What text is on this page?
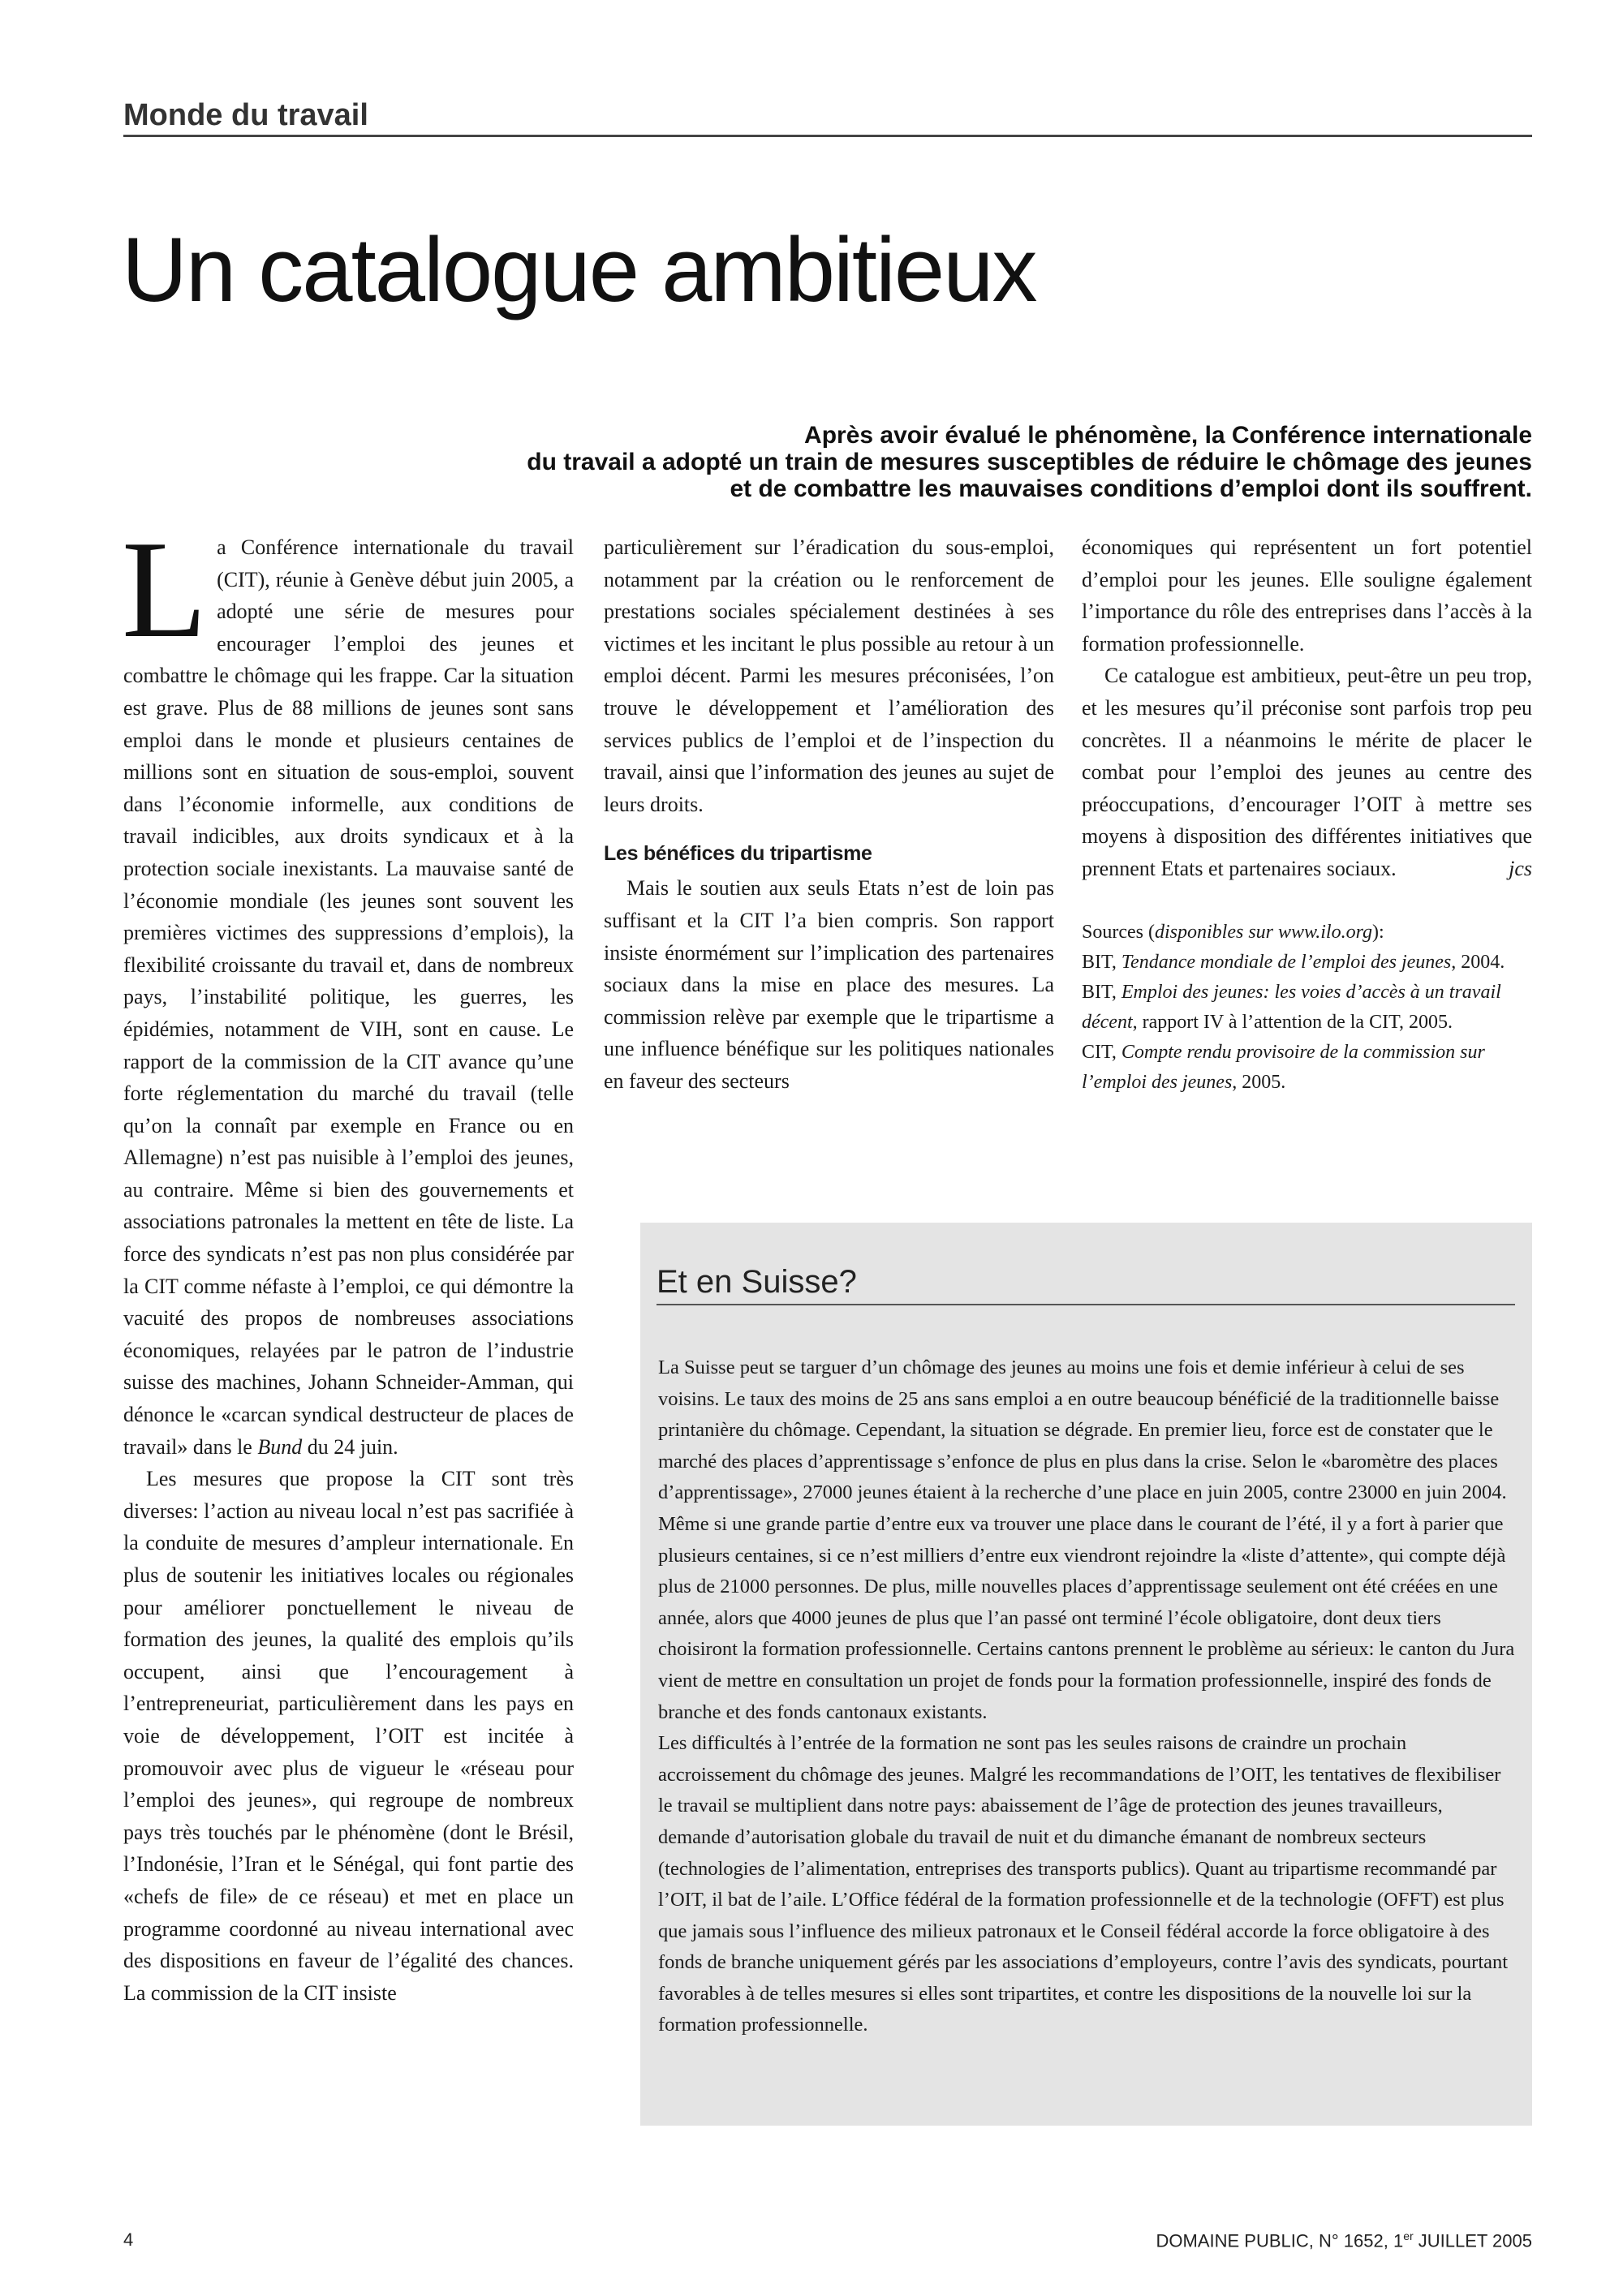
Monde du travail
Un catalogue ambitieux
Après avoir évalué le phénomène, la Conférence internationale
du travail a adopté un train de mesures susceptibles de réduire le chômage des jeunes
et de combattre les mauvaises conditions d’emploi dont ils souffrent.

La Conférence internationale du travail (CIT), réunie à Genève début juin 2005, a adopté une série de mesures pour encourager l’emploi des jeunes et combattre le chômage qui les frappe. Car la situation est grave. Plus de 88 millions de jeunes sont sans emploi dans le monde et plusieurs centaines de millions sont en situation de sous-emploi, souvent dans l’économie informelle, aux conditions de travail indicibles, aux droits syndicaux et à la protection sociale inexistants. La mauvaise santé de l’économie mondiale (les jeunes sont souvent les premières victimes des suppressions d’emplois), la flexibilité croissante du travail et, dans de nombreux pays, l’instabilité politique, les guerres, les épidémies, notamment de VIH, sont en cause. Le rapport de la commission de la CIT avance qu’une forte réglementation du marché du travail (telle qu’on la connaît par exemple en France ou en Allemagne) n’est pas nuisible à l’emploi des jeunes, au contraire. Même si bien des gouvernements et associations patronales la mettent en tête de liste. La force des syndicats n’est pas non plus considérée par la CIT comme néfaste à l’emploi, ce qui démontre la vacuité des propos de nombreuses associations économiques, relayées par le patron de l’industrie suisse des machines, Johann Schneider-Amman, qui dénonce le «carcan syndical destructeur de places de travail» dans le Bund du 24 juin.

Les mesures que propose la CIT sont très diverses: l’action au niveau local n’est pas sacrifiée à la conduite de mesures d’ampleur internationale. En plus de soutenir les initiatives locales ou régionales pour améliorer ponctuellement le niveau de formation des jeunes, la qualité des emplois qu’ils occupent, ainsi que l’encouragement à l’entrepreneuriat, particulièrement dans les pays en voie de développement, l’OIT est incitée à promouvoir avec plus de vigueur le «réseau pour l’emploi des jeunes», qui regroupe de nombreux pays très touchés par le phénomène (dont le Brésil, l’Indonésie, l’Iran et le Sénégal, qui font partie des «chefs de file» de ce réseau) et met en place un programme coordonné au niveau international avec des dispositions en faveur de l’égalité des chances. La commission de la CIT insiste

particulièrement sur l’éradication du sous-emploi, notamment par la création ou le renforcement de prestations sociales spécialement destinées à ses victimes et les incitant le plus possible au retour à un emploi décent. Parmi les mesures préconisées, l’on trouve le développement et l’amélioration des services publics de l’emploi et de l’inspection du travail, ainsi que l’information des jeunes au sujet de leurs droits.

Les bénéfices du tripartisme

Mais le soutien aux seuls Etats n’est de loin pas suffisant et la CIT l’a bien compris. Son rapport insiste énormément sur l’implication des partenaires sociaux dans la mise en place des mesures. La commission relève par exemple que le tripartisme a une influence bénéfique sur les politiques nationales en faveur des secteurs

économiques qui représentent un fort potentiel d’emploi pour les jeunes. Elle souligne également l’importance du rôle des entreprises dans l’accès à la formation professionnelle.

Ce catalogue est ambitieux, peut-être un peu trop, et les mesures qu’il préconise sont parfois trop peu concrètes. Il a néanmoins le mérite de placer le combat pour l’emploi des jeunes au centre des préoccupations, d’encourager l’OIT à mettre ses moyens à disposition des différentes initiatives que prennent Etats et partenaires sociaux.	jcs

Sources (disponibles sur www.ilo.org):
BIT, Tendance mondiale de l’emploi des jeunes, 2004.
BIT, Emploi des jeunes: les voies d’accès à un travail décent, rapport IV à l’attention de la CIT, 2005.
CIT, Compte rendu provisoire de la commission sur l’emploi des jeunes, 2005.
Et en Suisse?

La Suisse peut se targuer d’un chômage des jeunes au moins une fois et demie inférieur à celui de ses voisins. Le taux des moins de 25 ans sans emploi a en outre beaucoup bénéficié de la traditionnelle baisse printanière du chômage. Cependant, la situation se dégrade. En premier lieu, force est de constater que le marché des places d’apprentissage s’enfonce de plus en plus dans la crise. Selon le «baromètre des places d’apprentissage», 27000 jeunes étaient à la recherche d’une place en juin 2005, contre 23000 en juin 2004. Même si une grande partie d’entre eux va trouver une place dans le courant de l’été, il y a fort à parier que plusieurs centaines, si ce n’est milliers d’entre eux viendront rejoindre la «liste d’attente», qui compte déjà plus de 21000 personnes. De plus, mille nouvelles places d’apprentissage seulement ont été créées en une année, alors que 4000 jeunes de plus que l’an passé ont terminé l’école obligatoire, dont deux tiers choisiront la formation professionnelle. Certains cantons prennent le problème au sérieux: le canton du Jura vient de mettre en consultation un projet de fonds pour la formation professionnelle, inspiré des fonds de branche et des fonds cantonaux existants.

Les difficultés à l’entrée de la formation ne sont pas les seules raisons de craindre un prochain accroissement du chômage des jeunes. Malgré les recommandations de l’OIT, les tentatives de flexibiliser le travail se multiplient dans notre pays: abaissement de l’âge de protection des jeunes travailleurs, demande d’autorisation globale du travail de nuit et du dimanche émanant de nombreux secteurs (technologies de l’alimentation, entreprises des transports publics). Quant au tripartisme recommandé par l’OIT, il bat de l’aile. L’Office fédéral de la formation professionnelle et de la technologie (OFFT) est plus que jamais sous l’influence des milieux patronaux et le Conseil fédéral accorde la force obligatoire à des fonds de branche uniquement gérés par les associations d’employeurs, contre l’avis des syndicats, pourtant favorables à de telles mesures si elles sont tripartites, et contre les dispositions de la nouvelle loi sur la formation professionnelle.

4	DOMAINE PUBLIC, N° 1652, 1er JUILLET 2005
